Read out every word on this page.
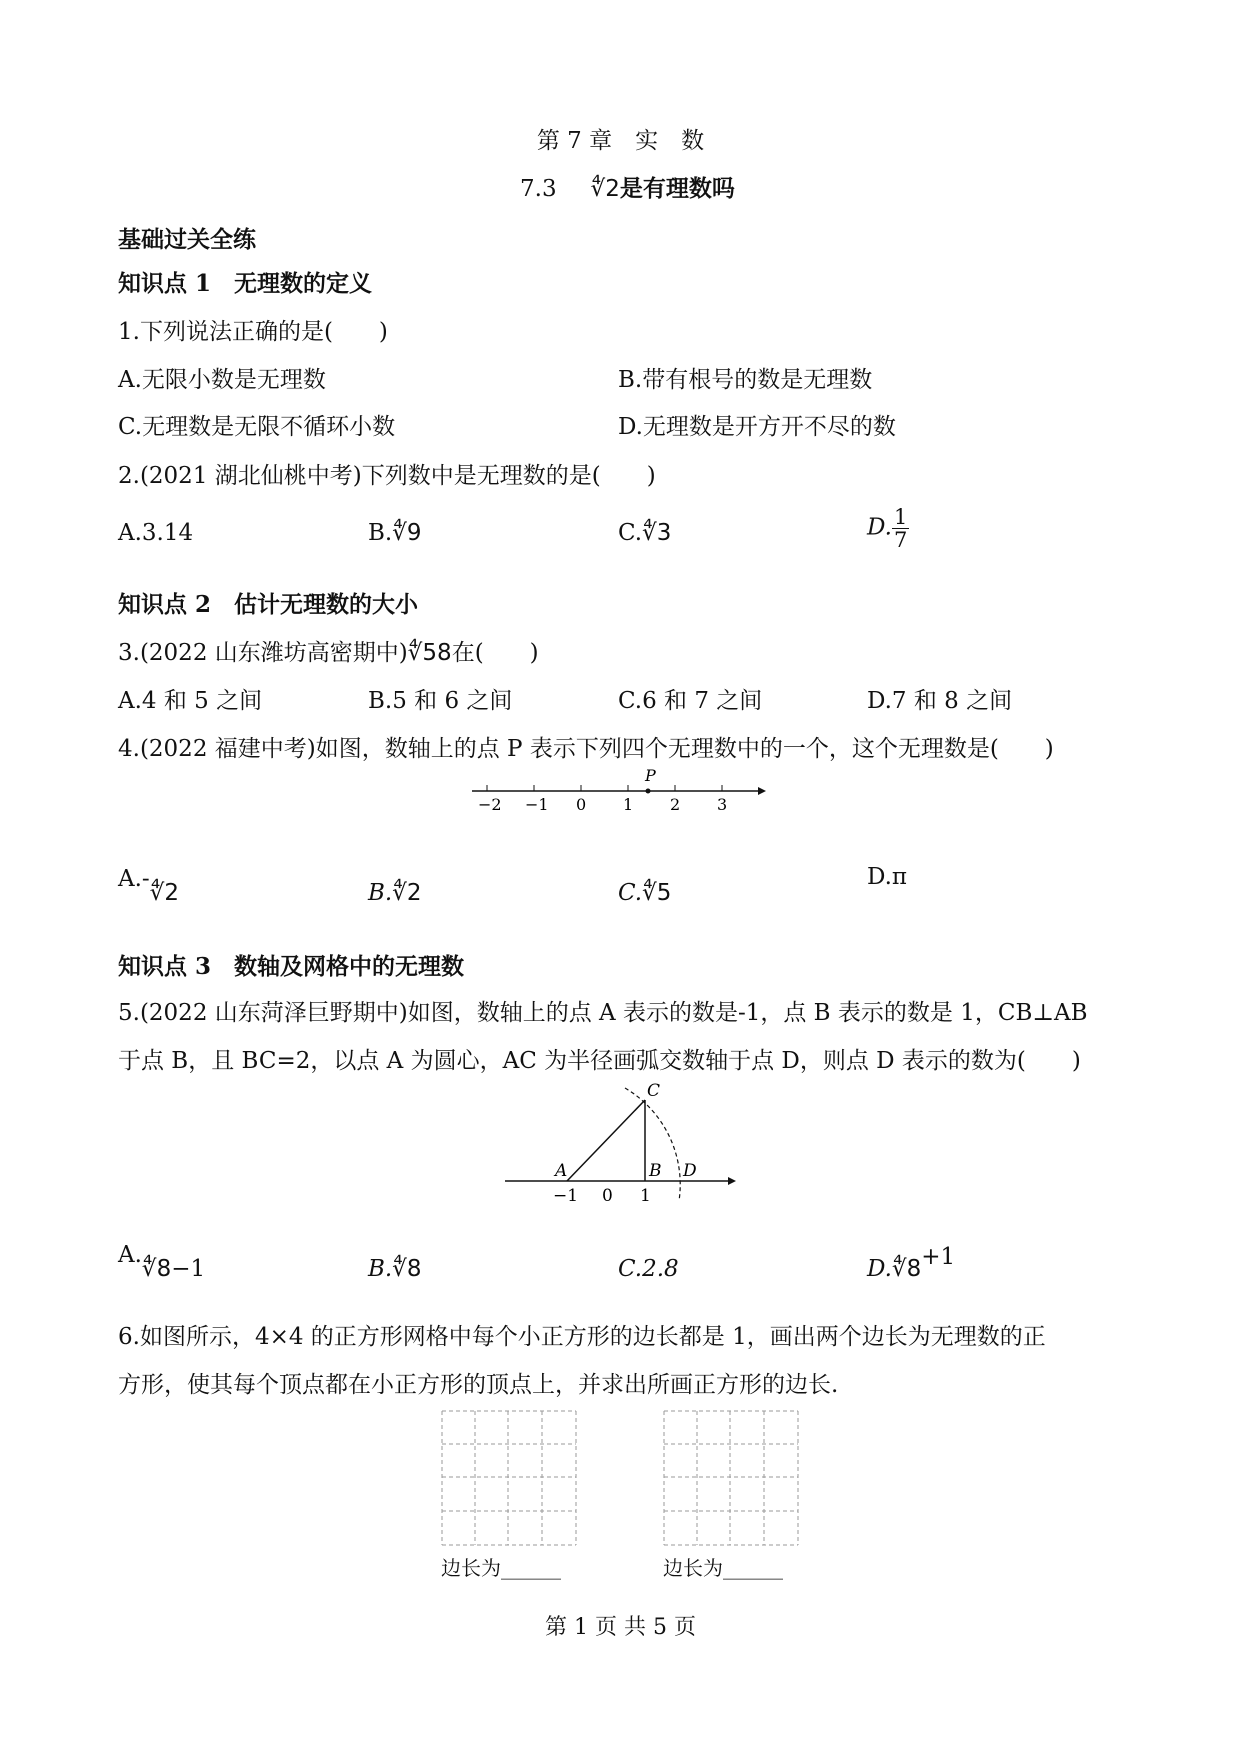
第 7 章　实　数
7.3 ∜2是有理数吗
基础过关全练
知识点 1　无理数的定义
1.下列说法正确的是(　　)
A.无限小数是无理数	B.带有根号的数是无理数
C.无理数是无限不循环小数	D.无理数是开方开不尽的数
2.(2021 湖北仙桃中考)下列数中是无理数的是(　　)
A.3.14	B.∜9	C.∜3	D. $\frac{1}{7}$
知识点 2　估计无理数的大小
3.(2022 山东潍坊高密期中)∜58在(　　)
A.4 和 5 之间	B.5 和 6 之间	C.6 和 7 之间	D.7 和 8 之间
4.(2022 福建中考)如图，数轴上的点 P 表示下列四个无理数中的一个，这个无理数是(　　)
P
−2 −1 0 1 2 3
A.-∜2	B.∜2	C.∜5
D.π
知识点 3　数轴及网格中的无理数
5.(2022 山东菏泽巨野期中)如图，数轴上的点 A 表示的数是-1，点 B 表示的数是 1，CB⊥AB
于点 B，且 BC=2，以点 A 为圆心，AC 为半径画弧交数轴于点 D，则点 D 表示的数为(　　)
A	B
C
D
−1 0 1
A.∜8−1	B.∜8	C.2.8	D.∜8+1
6.如图所示，4×4 的正方形网格中每个小正方形的边长都是 1，画出两个边长为无理数的正
方形，使其每个顶点都在小正方形的顶点上，并求出所画正方形的边长.
边长为______	边长为______
第 1 页 共 5 页
